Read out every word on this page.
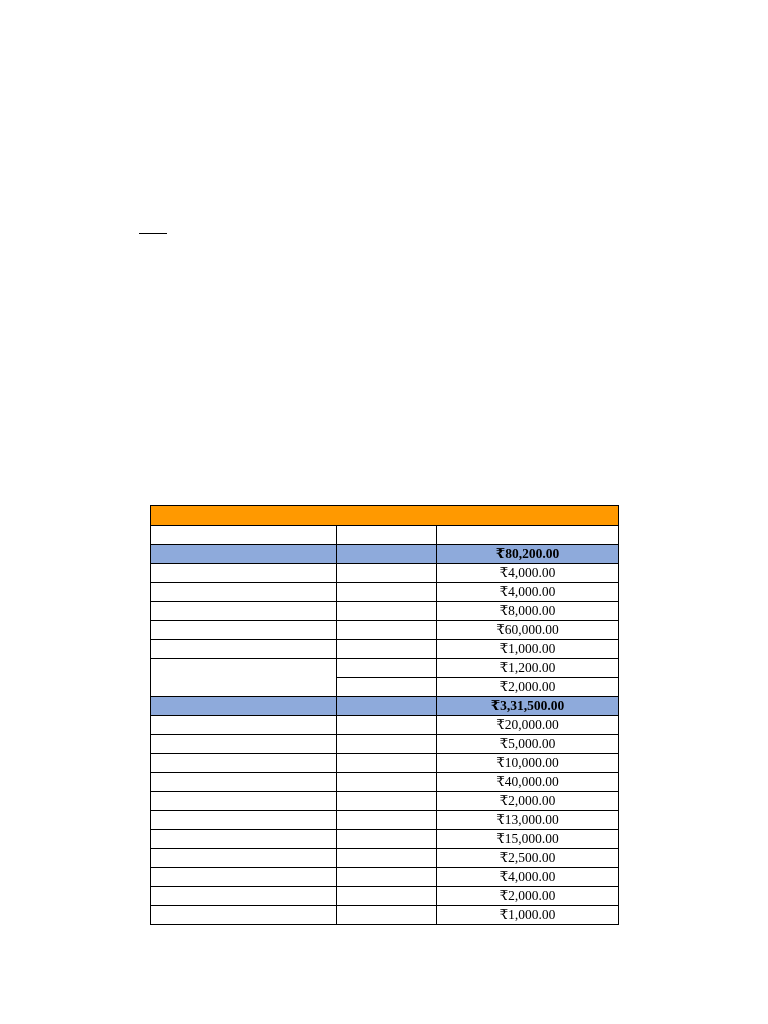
		₹80,200.00
		₹4,000.00
		₹4,000.00
		₹8,000.00
		₹60,000.00
		₹1,000.00
		₹1,200.00
		₹2,000.00
		₹3,31,500.00
		₹20,000.00
		₹5,000.00
		₹10,000.00
		₹40,000.00
		₹2,000.00
		₹13,000.00
		₹15,000.00
		₹2,500.00
		₹4,000.00
		₹2,000.00
		₹1,000.00
